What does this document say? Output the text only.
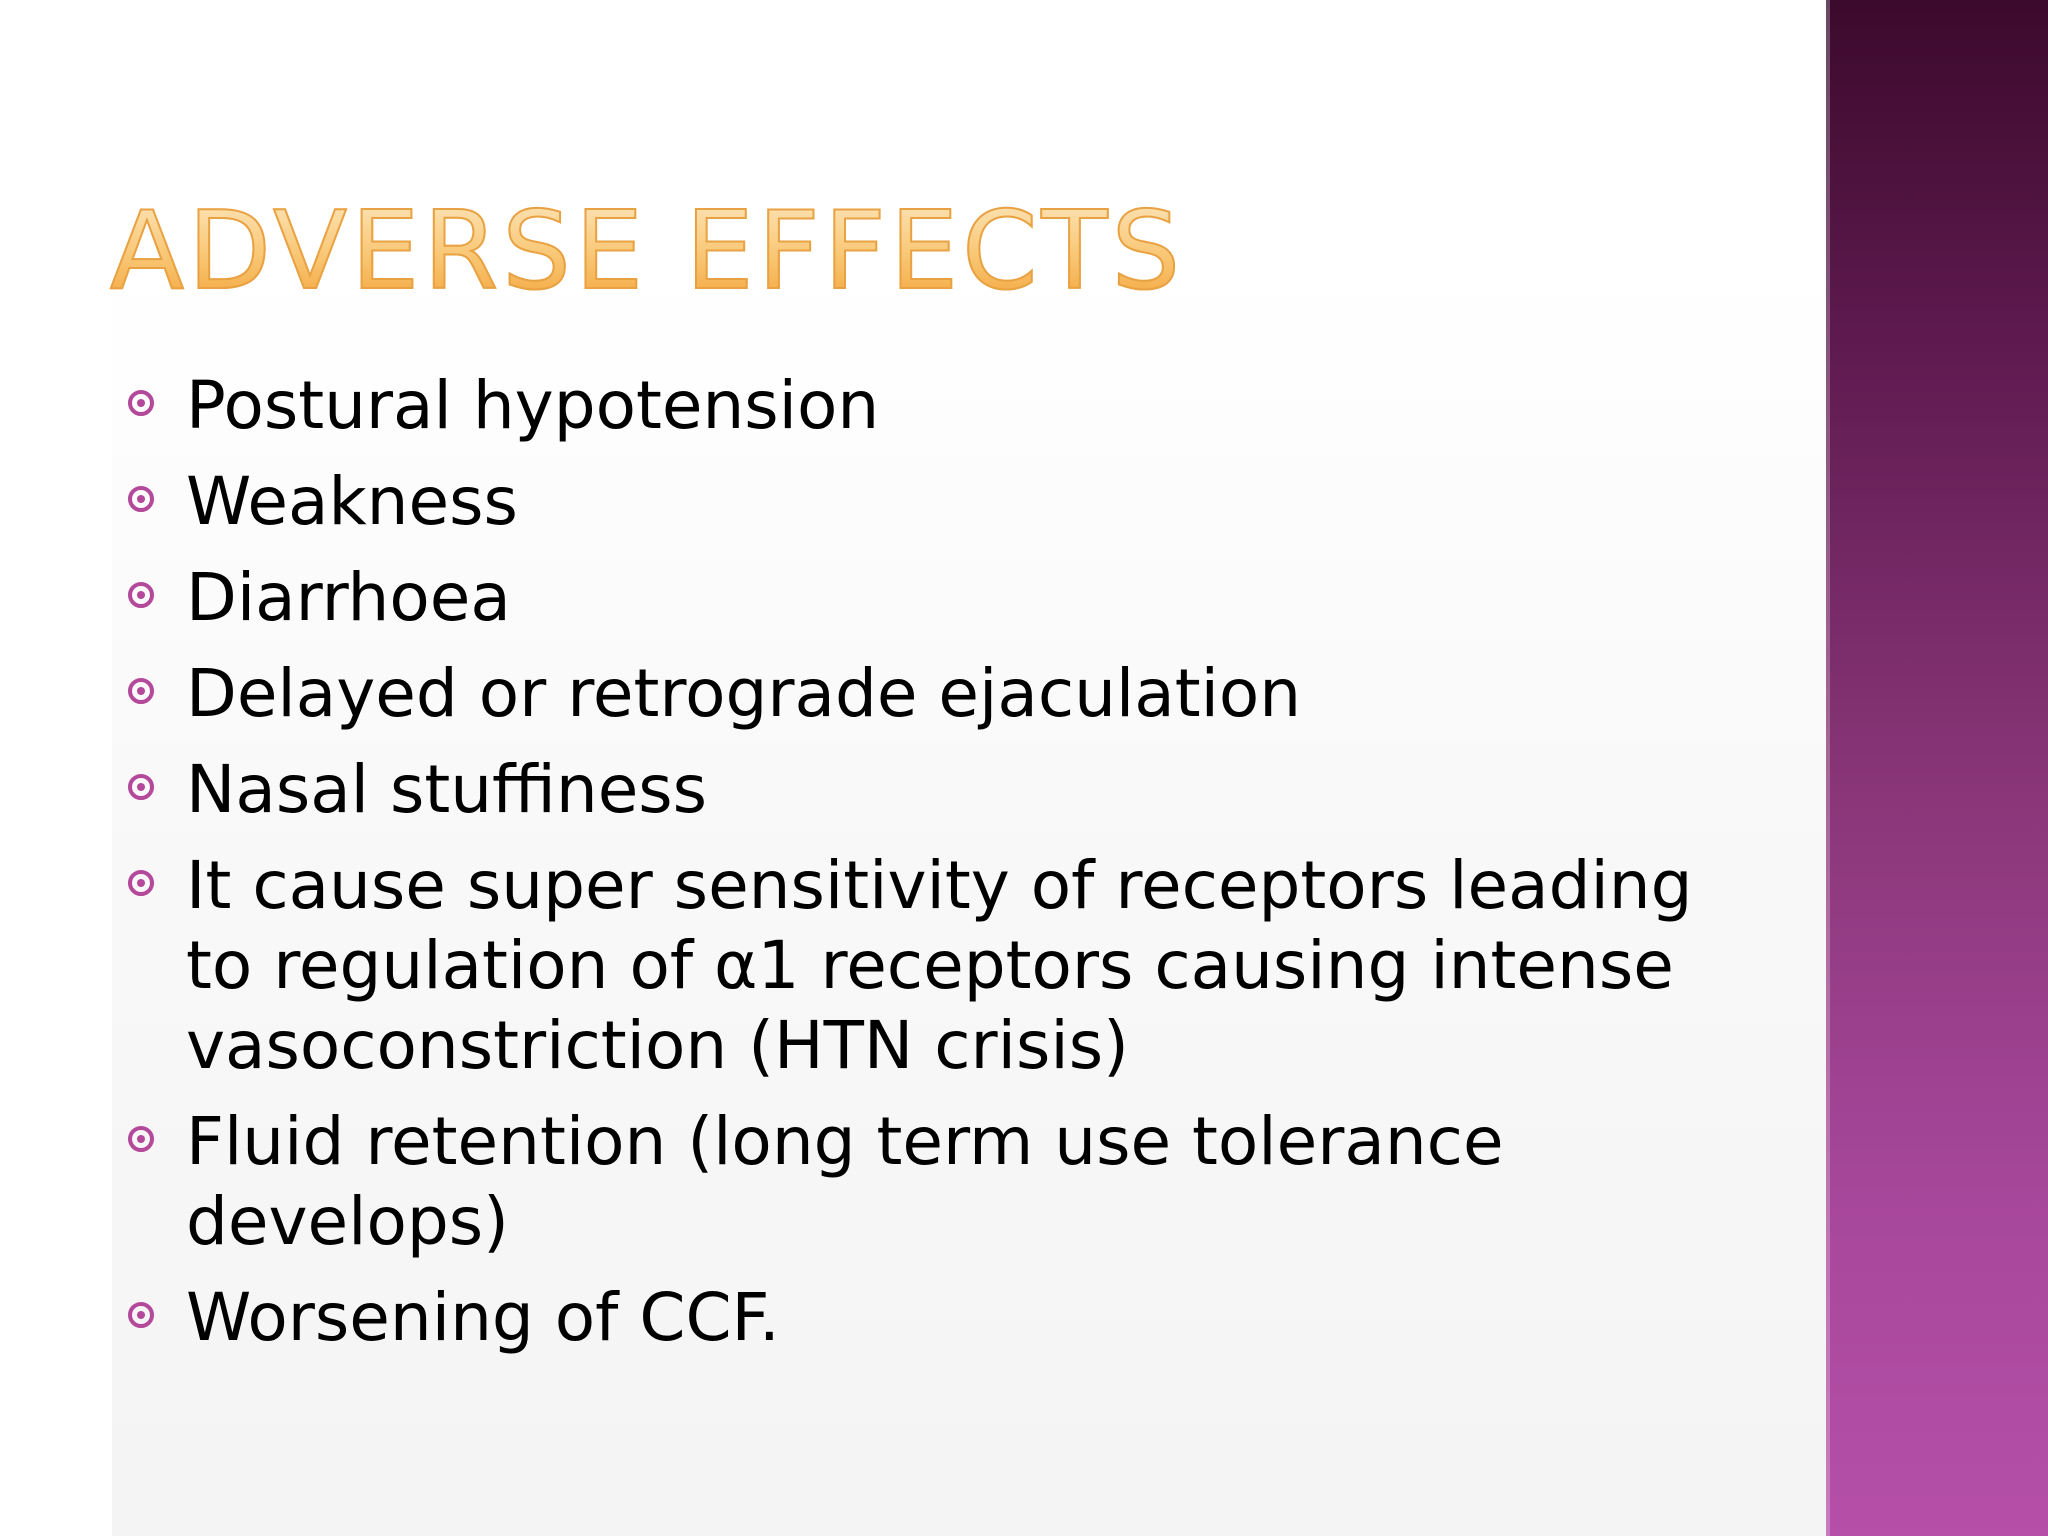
ADVERSE EFFECTS
Postural hypotension
Weakness
Diarrhoea
Delayed or retrograde ejaculation
Nasal stuffiness
It cause super sensitivity of receptors leading to regulation of α1 receptors causing intense vasoconstriction (HTN crisis)
Fluid retention (long term use tolerance develops)
Worsening of CCF.
